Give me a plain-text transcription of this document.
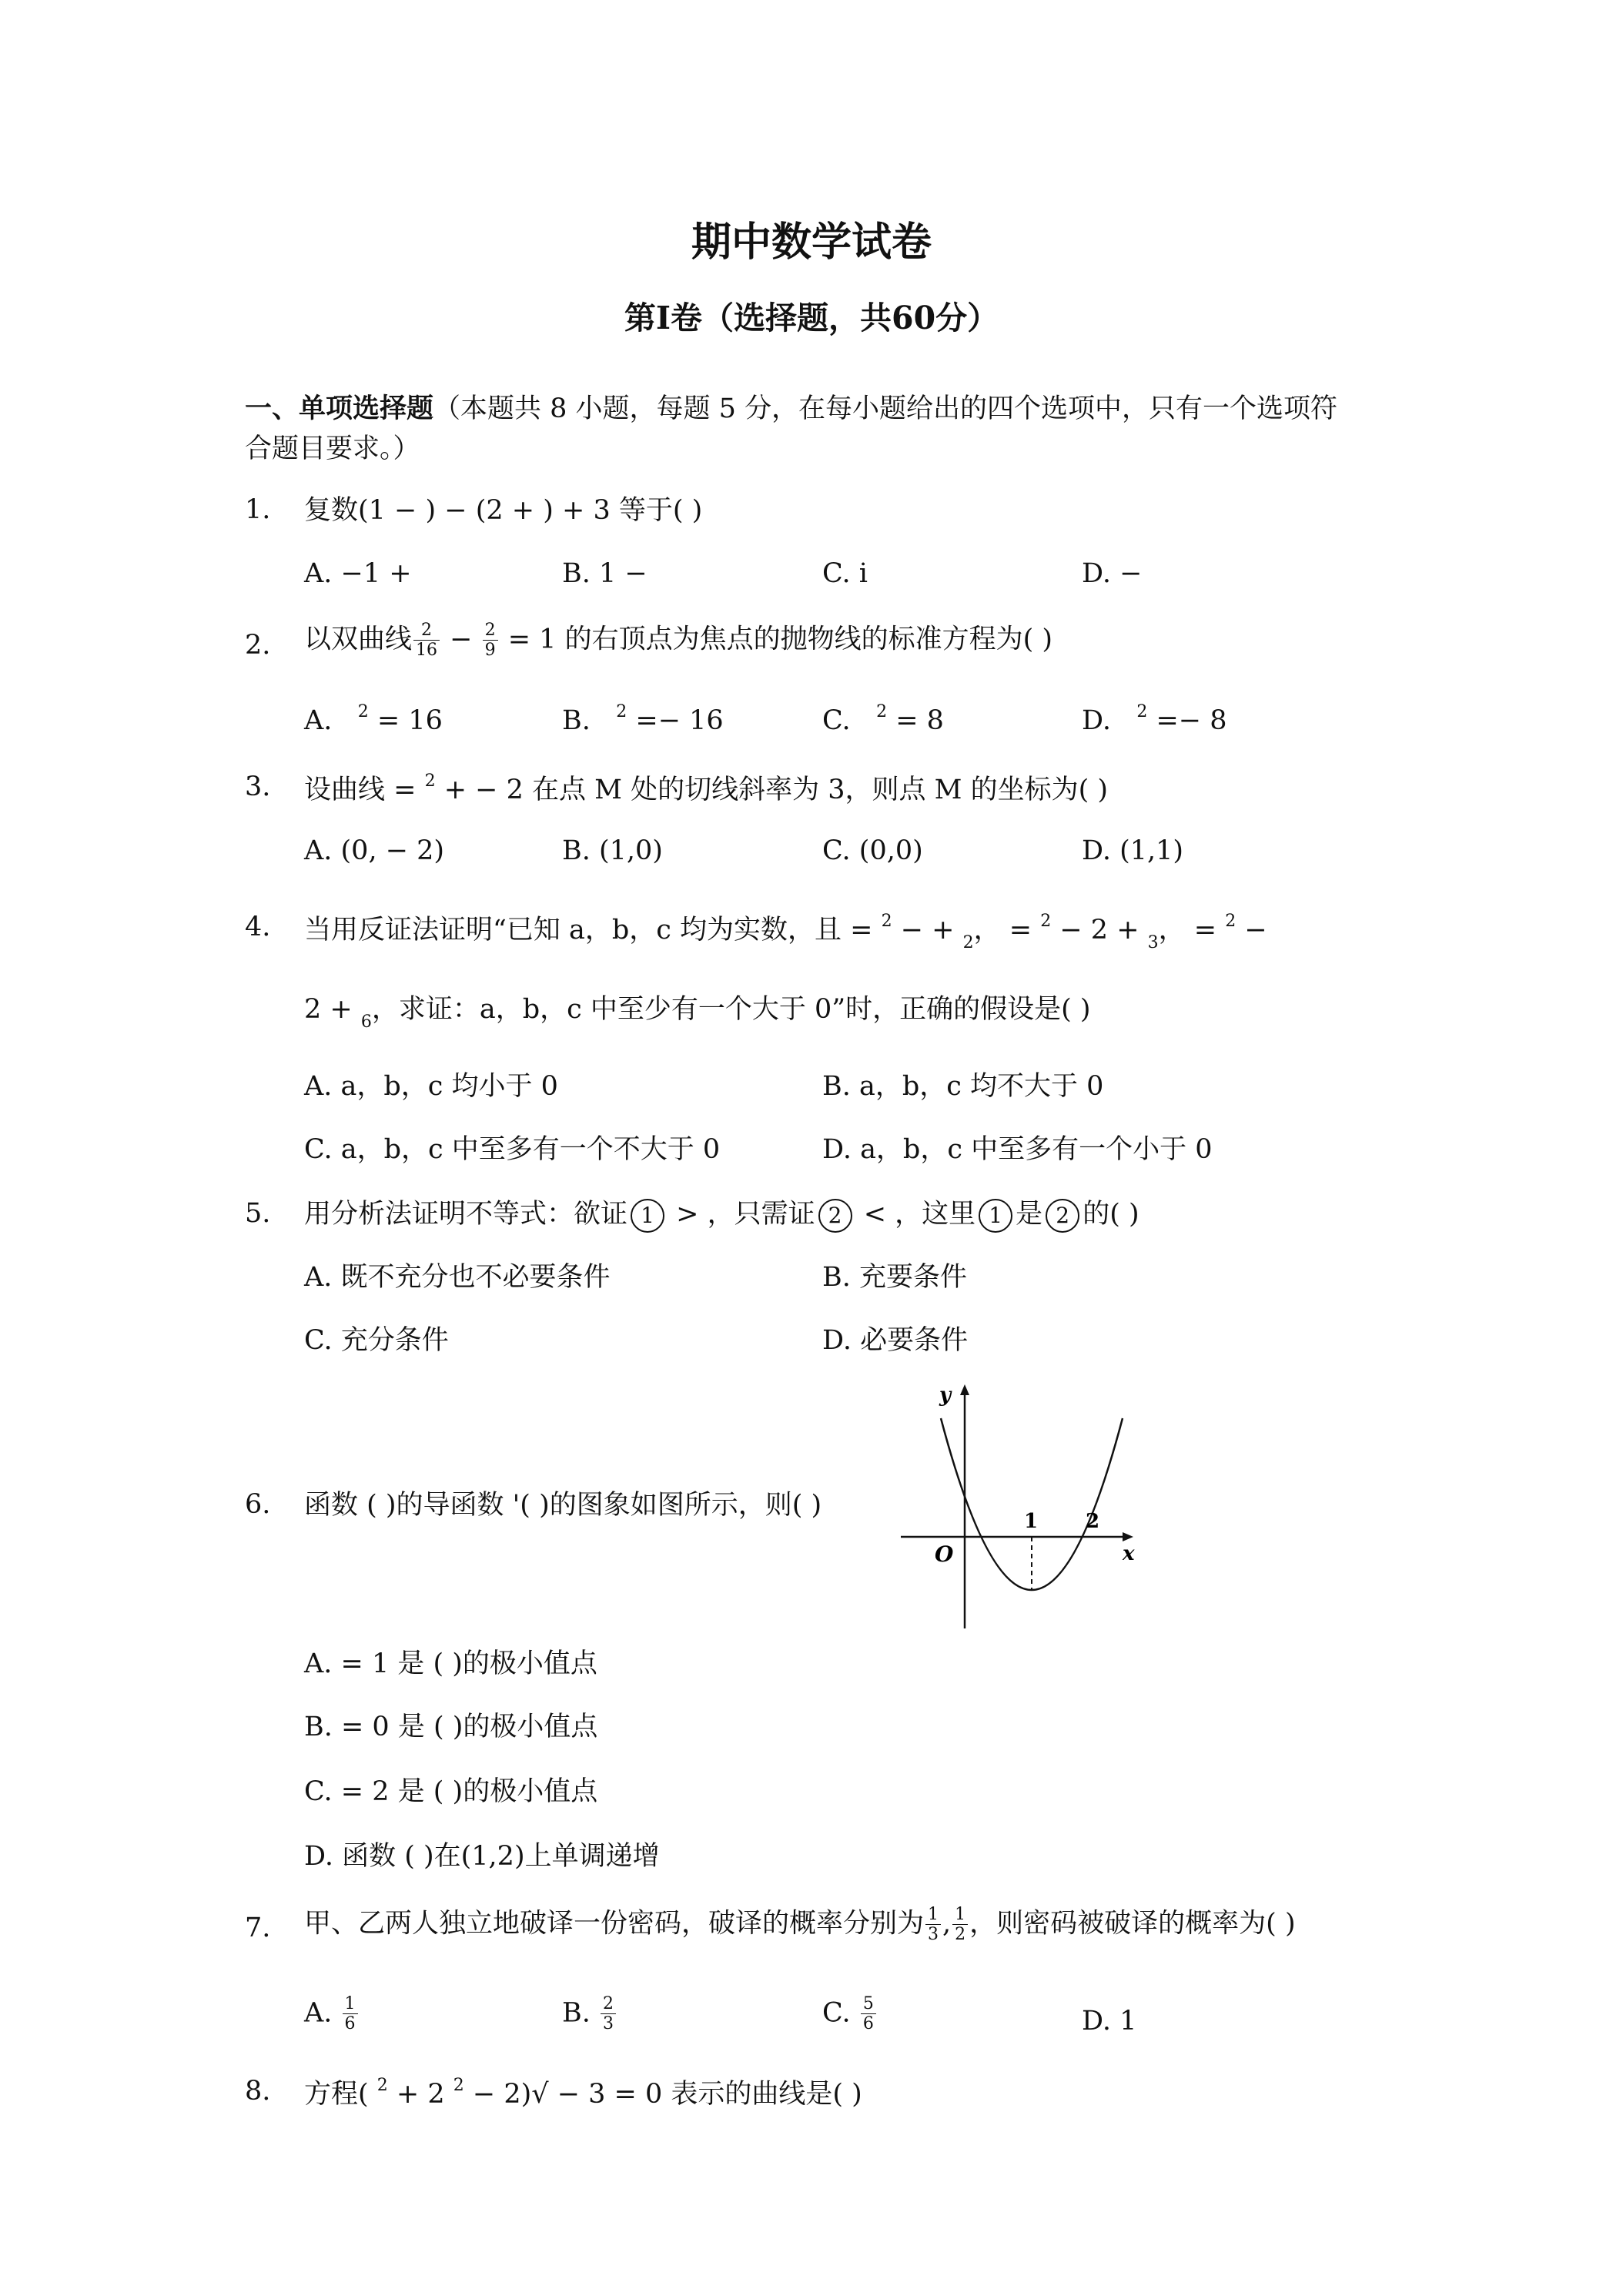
期中数学试卷
第Ⅰ卷（选择题，共60分）
一、单项选择题（本题共 8 小题，每题 5 分，在每小题给出的四个选项中，只有一个选项符
合题目要求。）
1. 复数(1 − ) − (2 + ) + 3 等于( )
A. −1 +	B. 1 −	C. i	D. −
2. 以双曲线 $\frac{2}{16} - \frac{2}{9} = 1$ 的右顶点为焦点的抛物线的标准方程为( )
A. $^2$ = 16	B. $^2$ =− 16	C. $^2$ = 8	D. $^2$ =− 8
3. 设曲线 = $^2$ + − 2 在点 M 处的切线斜率为 3，则点 M 的坐标为( )
A. (0, − 2)	B. (1,0)	C. (0,0)	D. (1,1)
4. 当用反证法证明“已知 a，b，c 均为实数，且 = $^2$ − + $_2$， = $^2$ − 2 + $_3$， = $^2$ −
2 + $_6$，求证：a，b，c 中至少有一个大于 0”时，正确的假设是( )
A. a，b，c 均小于 0	B. a，b，c 均不大于 0
C. a，b，c 中至多有一个不大于 0	D. a，b，c 中至多有一个小于 0
5. 用分析法证明不等式：欲证 1 > ，只需证 2 < ，这里 1 是 2 的( )
A. 既不充分也不必要条件	B. 充要条件
C. 充分条件	D. 必要条件
6. 函数 ( )的导函数 '( )的图象如图所示，则( )
y
x
O
1 2
A. = 1 是 ( )的极小值点
B. = 0 是 ( )的极小值点
C. = 2 是 ( )的极小值点
D. 函数 ( )在(1,2)上单调递增
7. 甲、乙两人独立地破译一份密码，破译的概率分别为 $\frac{1}{3}$ , $\frac{1}{2}$ ，则密码被破译的概率为( )
A. $\frac{1}{6}$	B. $\frac{2}{3}$	C. $\frac{5}{6}$	D. 1
8. 方程( $^2$ + 2 $^2$ − 2)√ − 3 = 0 表示的曲线是( )
